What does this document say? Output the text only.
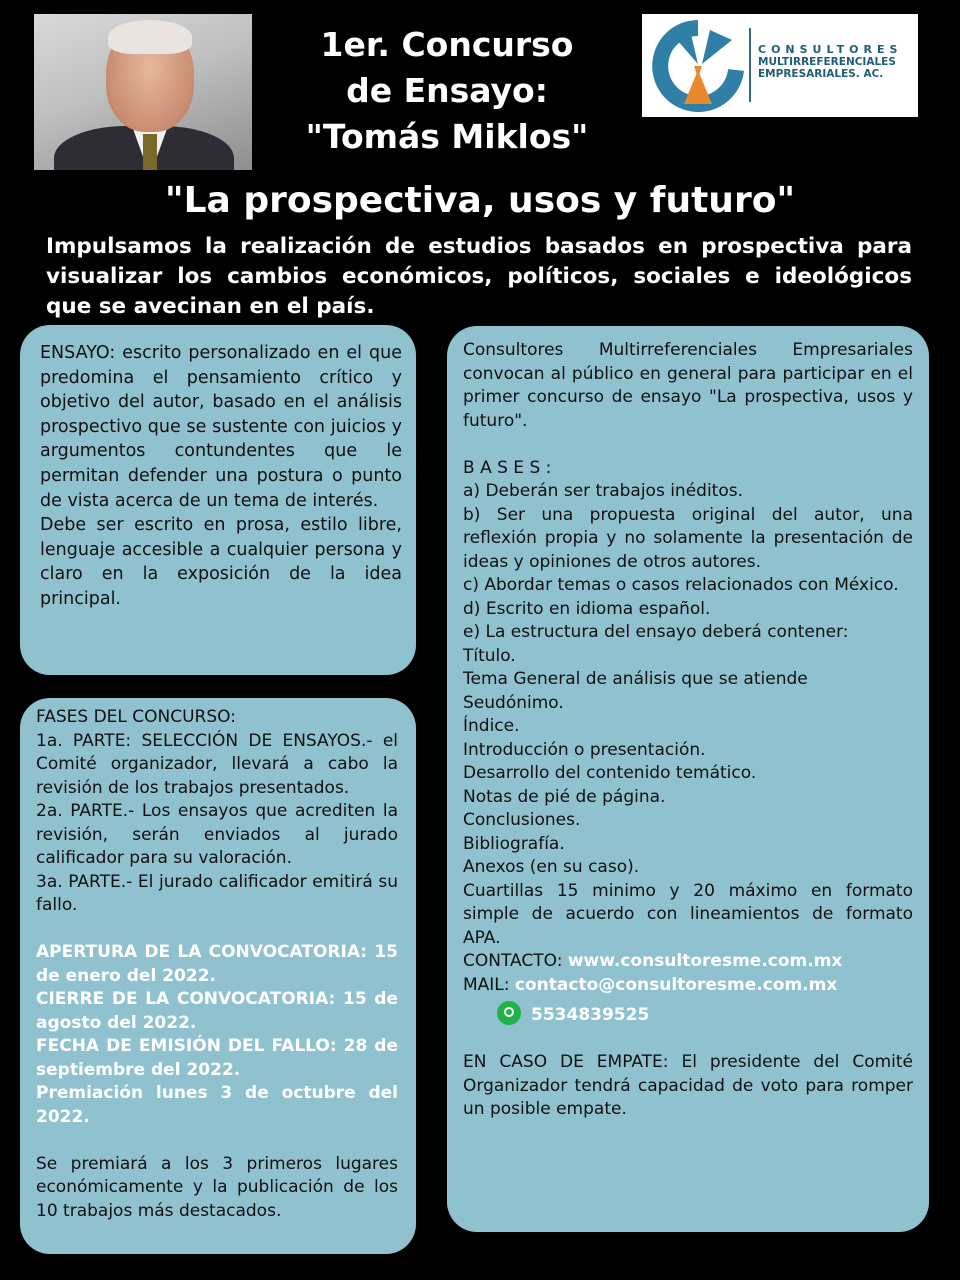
1er. Concurso
de Ensayo:
"Tomás Miklos"
CONSULTORES
MULTIRREFERENCIALES
EMPRESARIALES. AC.
"La prospectiva, usos y futuro"
Impulsamos la realización de estudios basados en prospectiva para visualizar los cambios económicos, políticos, sociales e ideológicos que se avecinan en el país.

ENSAYO: escrito personalizado en el que predomina el pensamiento crítico y objetivo del autor, basado en el análisis prospectivo que se sustente con juicios y argumentos contundentes que le permitan defender una postura o punto de vista acerca de un tema de interés.

Debe ser escrito en prosa, estilo libre, lenguaje accesible a cualquier persona y claro en la exposición de la idea principal.

FASES DEL CONCURSO:

1a. PARTE: SELECCIÓN DE ENSAYOS.- el Comité organizador, llevará a cabo la revisión de los trabajos presentados.

2a. PARTE.- Los ensayos que acrediten la revisión, serán enviados al jurado calificador para su valoración.

3a. PARTE.- El jurado calificador emitirá su fallo.

APERTURA DE LA CONVOCATORIA: 15 de enero del 2022.

CIERRE DE LA CONVOCATORIA: 15 de agosto del 2022.

FECHA DE EMISIÓN DEL FALLO: 28 de septiembre del 2022.

Premiación lunes 3 de octubre del 2022.

Se premiará a los 3 primeros lugares económicamente y la publicación de los 10 trabajos más destacados.

Consultores Multirreferenciales Empresariales convocan al público en general para participar en el primer concurso de ensayo "La prospectiva, usos y futuro".

B A S E S :

a) Deberán ser trabajos inéditos.

b) Ser una propuesta original del autor, una reflexión propia y no solamente la presentación de ideas y opiniones de otros autores.

c) Abordar temas o casos relacionados con México.

d) Escrito en idioma español.

e) La estructura del ensayo deberá contener:

Título.

Tema General de análisis que se atiende

Seudónimo.

Índice.

Introducción o presentación.

Desarrollo del contenido temático.

Notas de pié de página.

Conclusiones.

Bibliografía.

Anexos (en su caso).

Cuartillas 15 minimo y 20 máximo en formato simple de acuerdo con lineamientos de formato APA.

CONTACTO: www.consultoresme.com.mx

MAIL: contacto@consultoresme.com.mx

5534839525

EN CASO DE EMPATE: El presidente del Comité Organizador tendrá capacidad de voto para romper un posible empate.
